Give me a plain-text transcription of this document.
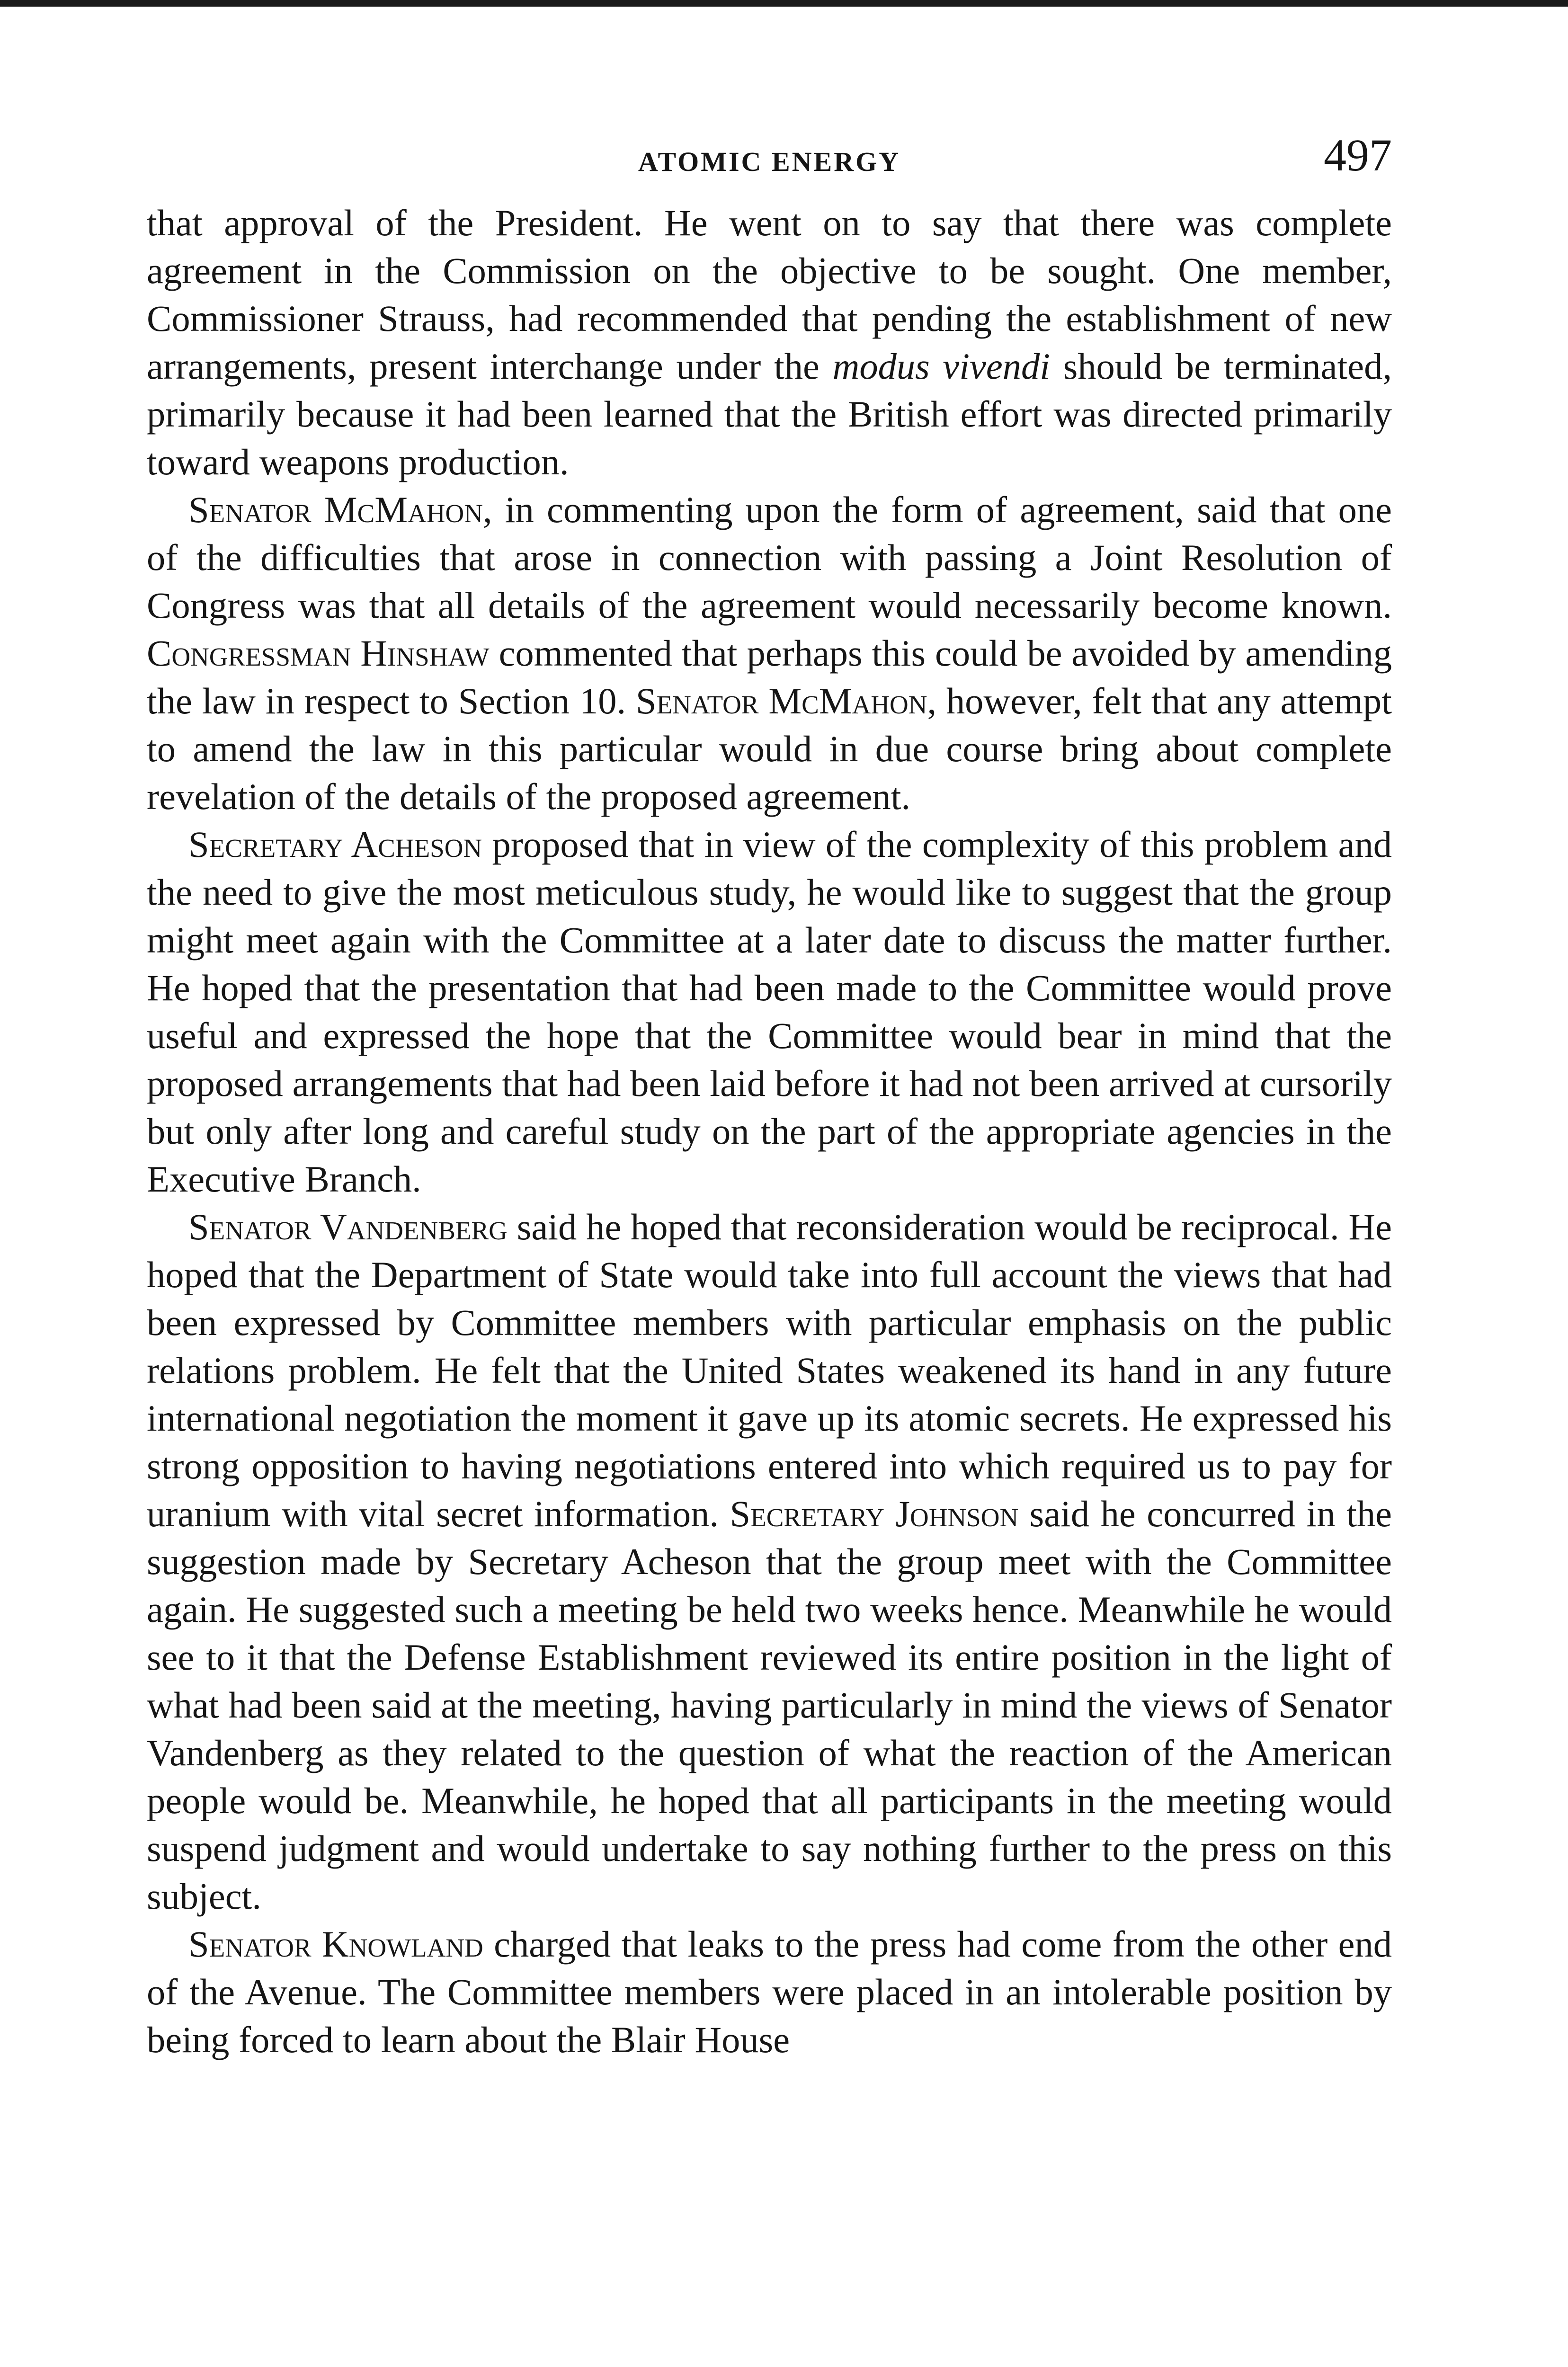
ATOMIC ENERGY	497

that approval of the President. He went on to say that there was complete agreement in the Commission on the objective to be sought. One member, Commissioner Strauss, had recommended that pending the establishment of new arrangements, present interchange under the modus vivendi should be terminated, primarily because it had been learned that the British effort was directed primarily toward weapons production.

Senator McMahon, in commenting upon the form of agreement, said that one of the difficulties that arose in connection with passing a Joint Resolution of Congress was that all details of the agreement would necessarily become known. Congressman Hinshaw commented that perhaps this could be avoided by amending the law in respect to Section 10. Senator McMahon, however, felt that any attempt to amend the law in this particular would in due course bring about complete revelation of the details of the proposed agreement.

Secretary Acheson proposed that in view of the complexity of this problem and the need to give the most meticulous study, he would like to suggest that the group might meet again with the Committee at a later date to discuss the matter further. He hoped that the presentation that had been made to the Committee would prove useful and expressed the hope that the Committee would bear in mind that the proposed arrangements that had been laid before it had not been arrived at cursorily but only after long and careful study on the part of the appropriate agencies in the Executive Branch.

Senator Vandenberg said he hoped that reconsideration would be reciprocal. He hoped that the Department of State would take into full account the views that had been expressed by Committee members with particular emphasis on the public relations problem. He felt that the United States weakened its hand in any future international negotiation the moment it gave up its atomic secrets. He expressed his strong opposition to having negotiations entered into which required us to pay for uranium with vital secret information. Secretary Johnson said he concurred in the suggestion made by Secretary Acheson that the group meet with the Committee again. He suggested such a meeting be held two weeks hence. Meanwhile he would see to it that the Defense Establishment reviewed its entire position in the light of what had been said at the meeting, having particularly in mind the views of Senator Vandenberg as they related to the question of what the reaction of the American people would be. Meanwhile, he hoped that all participants in the meeting would suspend judgment and would undertake to say nothing further to the press on this subject.

Senator Knowland charged that leaks to the press had come from the other end of the Avenue. The Committee members were placed in an intolerable position by being forced to learn about the Blair House
